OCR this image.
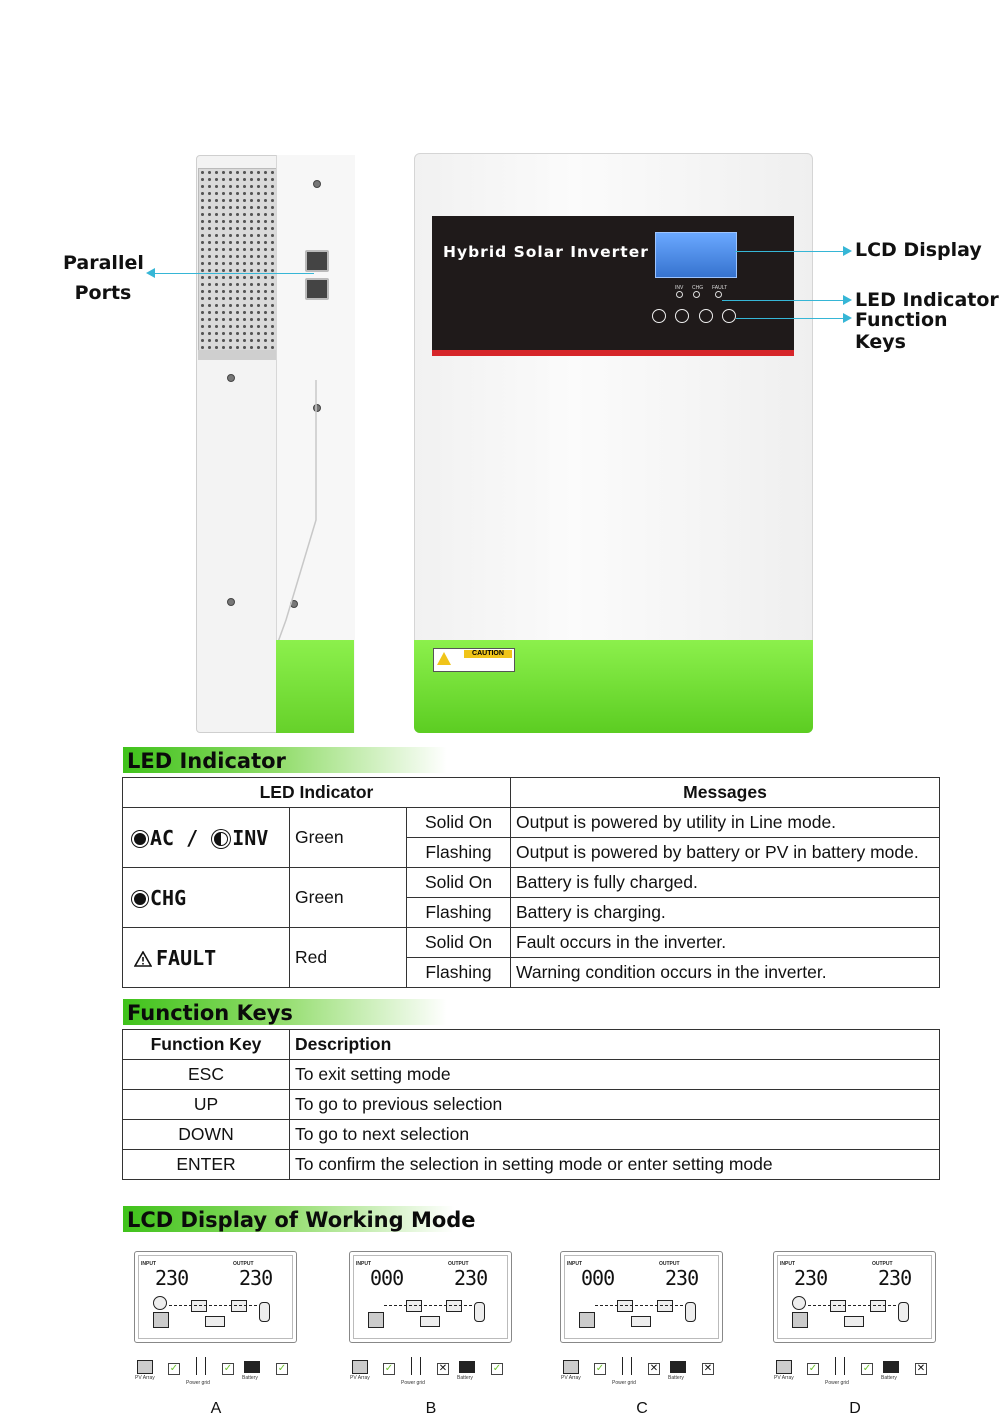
Hybrid Solar Inverter
INV CHG FAULT
CAUTION
Parallel
Ports
LCD Display
LED Indicator
Function Keys
LED Indicator
LED Indicator			Messages
AC / INV	Green	Solid On	Output is powered by utility in Line mode.
		Flashing	Output is powered by battery or PV in battery mode.
CHG	Green	Solid On	Battery is fully charged.
		Flashing	Battery is charging.
FAULT	Red	Solid On	Fault occurs in the inverter.
		Flashing	Warning condition occurs in the inverter.
Function Keys
Function Key	Description
ESC	To exit setting mode
UP	To go to previous selection
DOWN	To go to next selection
ENTER	To confirm the selection in setting mode or enter setting mode
LCD Display of Working Mode
INPUT	OUTPUT
230	230
PV Array
✓
Power grid
✓
Battery
✓
A
INPUT	OUTPUT
000	230
PV Array
✓
Power grid
✕
Battery
✓
B
INPUT	OUTPUT
000	230
PV Array
✓
Power grid
✕
Battery
✕
C
INPUT	OUTPUT
230	230
PV Array
✓
Power grid
✓
Battery
✕
D
